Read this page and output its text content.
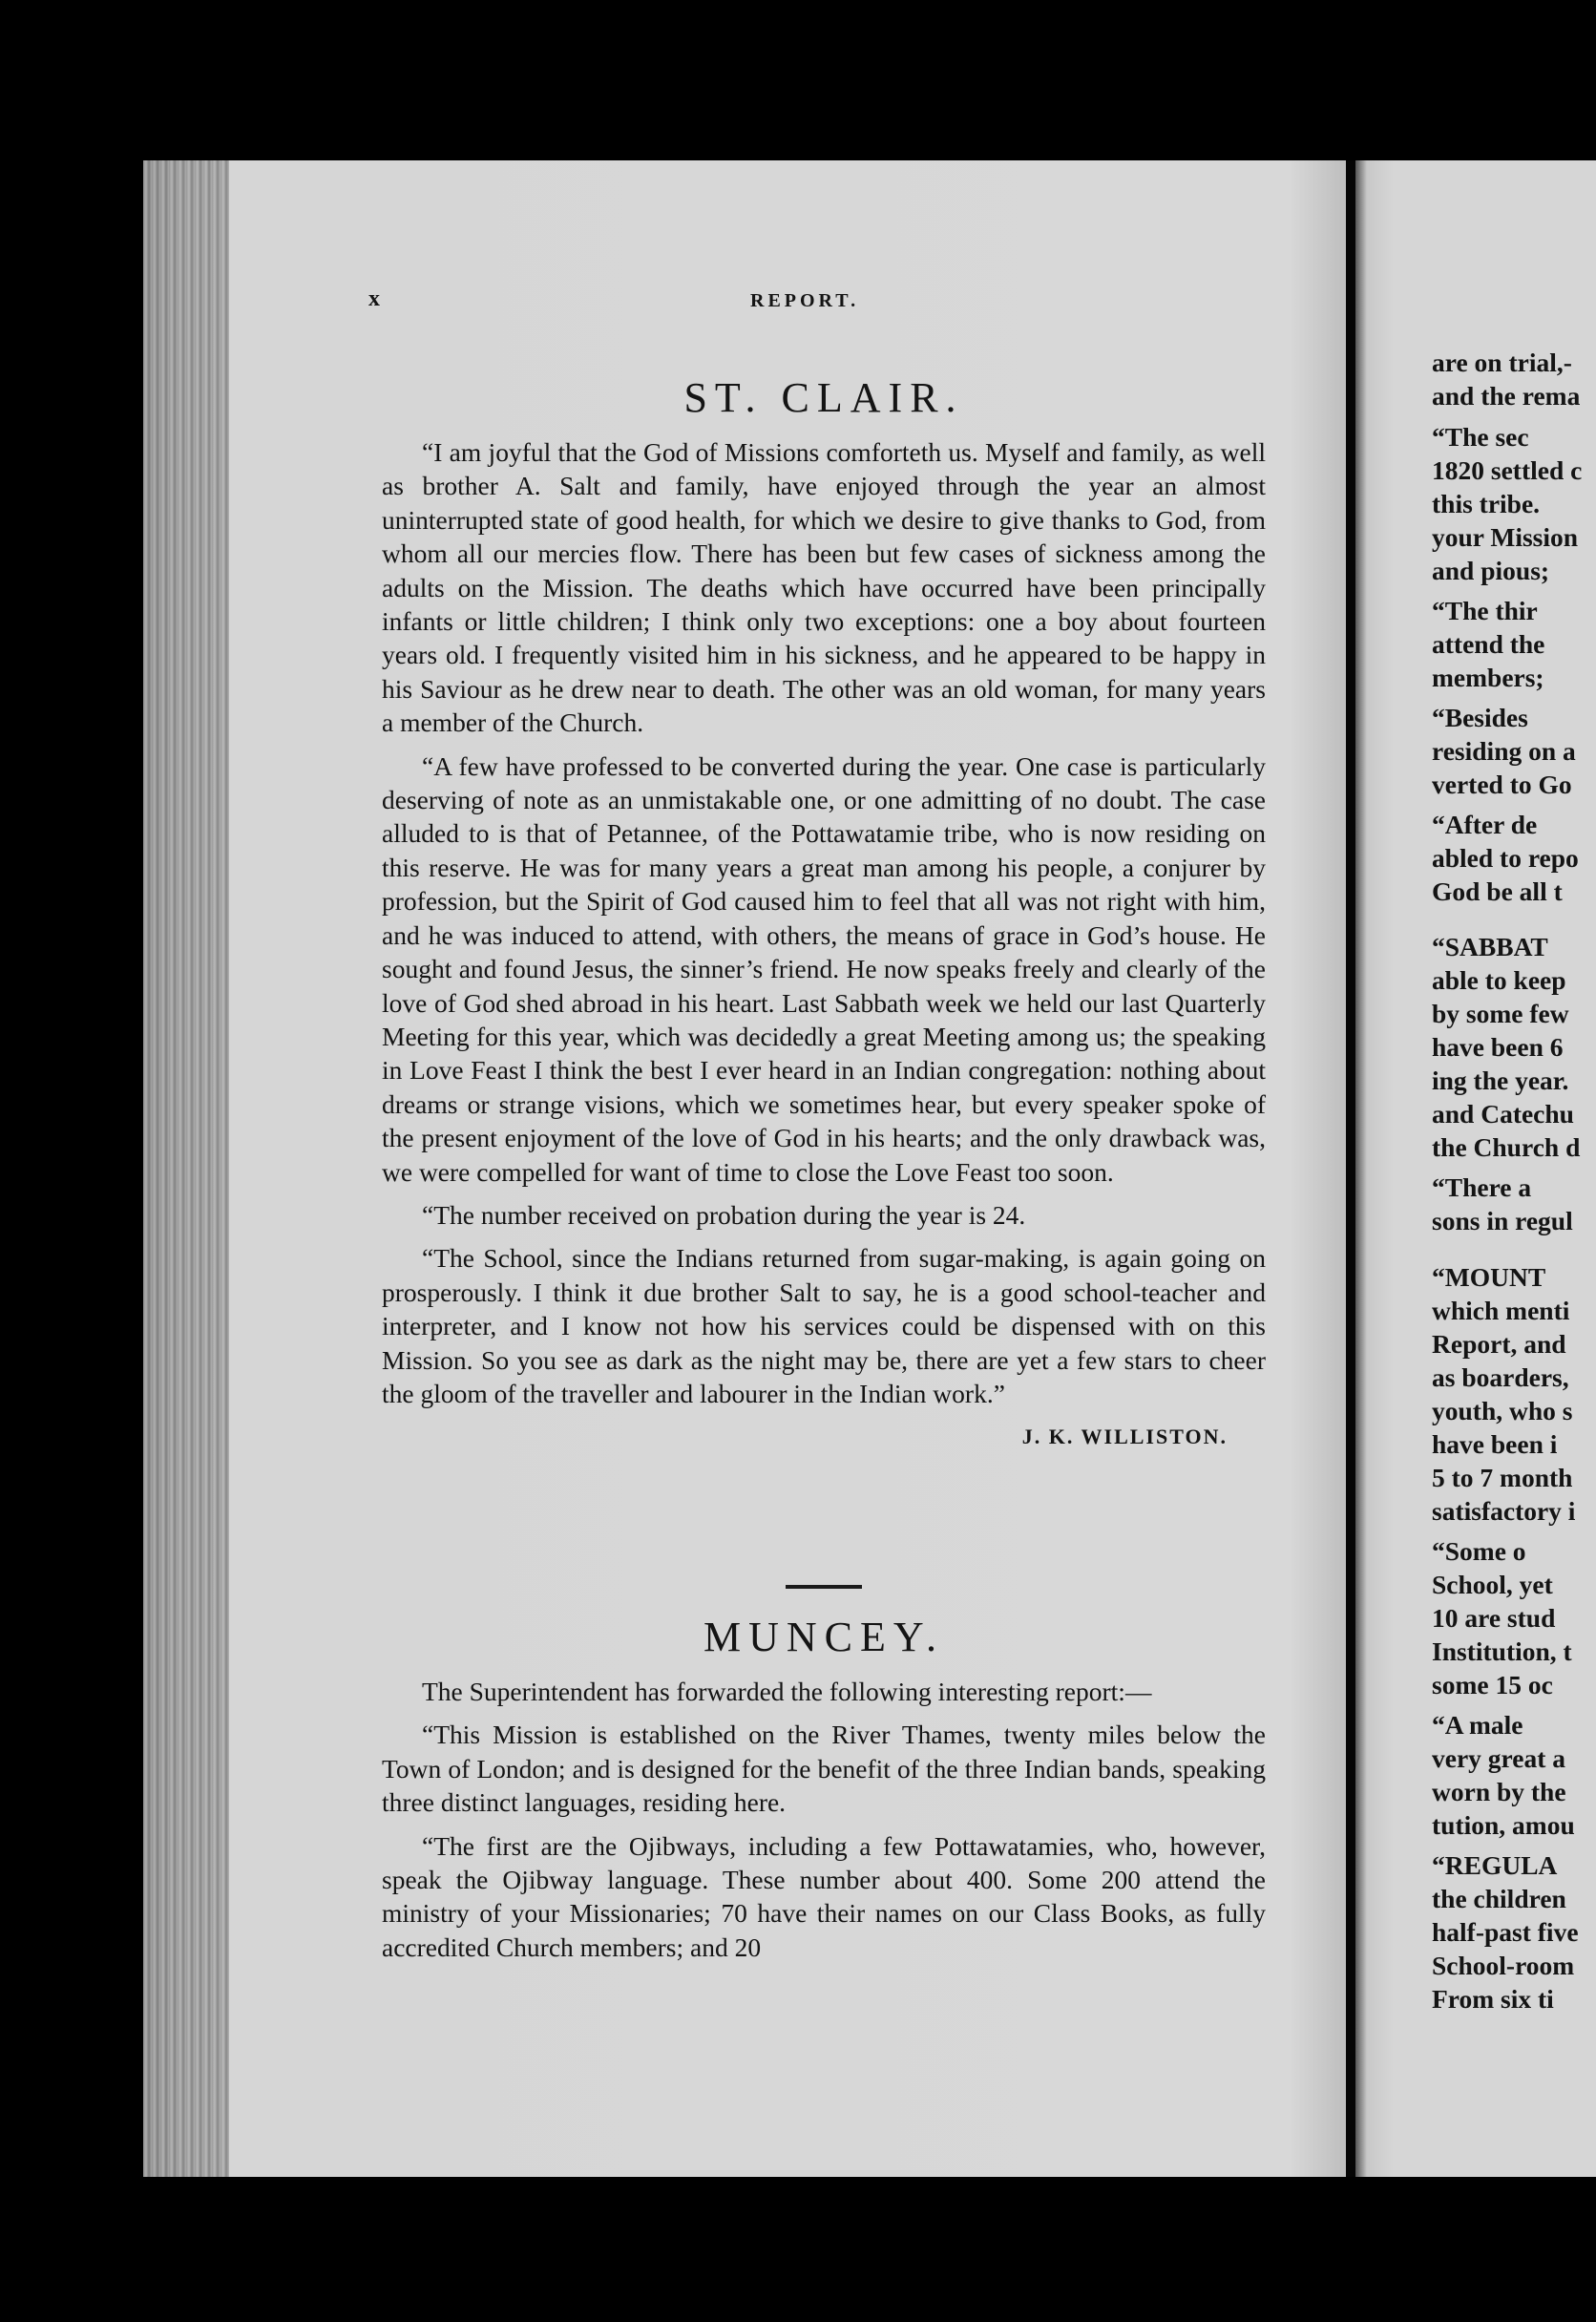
x	REPORT.
ST. CLAIR.

“I am joyful that the God of Missions comforteth us. Myself and family, as well as brother A. Salt and family, have enjoyed through the year an almost uninterrupted state of good health, for which we desire to give thanks to God, from whom all our mercies flow. There has been but few cases of sickness among the adults on the Mission. The deaths which have occurred have been principally infants or little children; I think only two exceptions: one a boy about fourteen years old. I frequently visited him in his sickness, and he appeared to be happy in his Saviour as he drew near to death. The other was an old woman, for many years a member of the Church.

“A few have professed to be converted during the year. One case is particularly deserving of note as an unmistakable one, or one admitting of no doubt. The case alluded to is that of Petannee, of the Pottawatamie tribe, who is now residing on this reserve. He was for many years a great man among his people, a conjurer by profession, but the Spirit of God caused him to feel that all was not right with him, and he was induced to attend, with others, the means of grace in God’s house. He sought and found Jesus, the sinner’s friend. He now speaks freely and clearly of the love of God shed abroad in his heart. Last Sabbath week we held our last Quarterly Meeting for this year, which was decidedly a great Meeting among us; the speaking in Love Feast I think the best I ever heard in an Indian congregation: nothing about dreams or strange visions, which we sometimes hear, but every speaker spoke of the present enjoyment of the love of God in his hearts; and the only drawback was, we were compelled for want of time to close the Love Feast too soon.

“The number received on probation during the year is 24.

“The School, since the Indians returned from sugar-making, is again going on prosperously. I think it due brother Salt to say, he is a good school-teacher and interpreter, and I know not how his services could be dispensed with on this Mission. So you see as dark as the night may be, there are yet a few stars to cheer the gloom of the traveller and labourer in the Indian work.”

J. K. WILLISTON.

MUNCEY.

The Superintendent has forwarded the following interesting report:—

“This Mission is established on the River Thames, twenty miles below the Town of London; and is designed for the benefit of the three Indian bands, speaking three distinct languages, residing here.

“The first are the Ojibways, including a few Pottawatamies, who, however, speak the Ojibway language. These number about 400. Some 200 attend the ministry of your Missionaries; 70 have their names on our Class Books, as fully accredited Church members; and 20

are on trial,-
and the rema
“The sec
1820 settled c
this tribe.
your Mission
and pious;
“The thir
attend the
members;
“Besides
residing on a
verted to Go
“After de
abled to repo
God be all t
“SABBAT
able to keep
by some few
have been 6
ing the year.
and Catechu
the Church d
“There a
sons in regul
“MOUNT
which menti
Report, and
as boarders,
youth, who s
have been i
5 to 7 month
satisfactory i
“Some o
School, yet
10 are stud
Institution, t
some 15 oc
“A male
very great a
worn by the
tution, amou
“REGULA
the children
half-past five
School-room
From six ti
